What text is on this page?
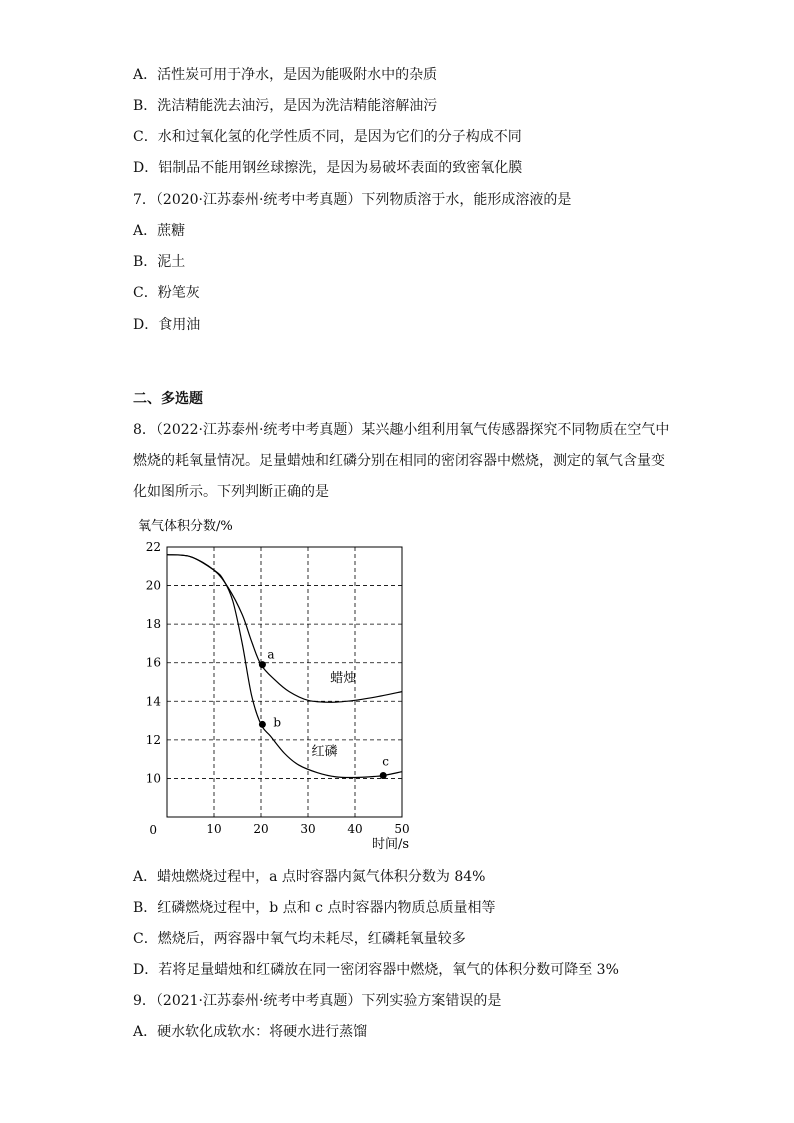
A．活性炭可用于净水，是因为能吸附水中的杂质
B．洗洁精能洗去油污，是因为洗洁精能溶解油污
C．水和过氧化氢的化学性质不同，是因为它们的分子构成不同
D．铝制品不能用钢丝球擦洗，是因为易破坏表面的致密氧化膜
7．（2020·江苏泰州·统考中考真题）下列物质溶于水，能形成溶液的是
A．蔗糖
B．泥土
C．粉笔灰
D．食用油
二、多选题
8．（2022·江苏泰州·统考中考真题）某兴趣小组利用氧气传感器探究不同物质在空气中
燃烧的耗氧量情况。足量蜡烛和红磷分别在相同的密闭容器中燃烧，测定的氧气含量变
化如图所示。下列判断正确的是
氧气体积分数/%
时间/s
0	10	20	30	40	50
10
12
14
16
18
20
22
蜡烛
红磷
a
b
c
A．蜡烛燃烧过程中，a 点时容器内氮气体积分数为 84%
B．红磷燃烧过程中，b 点和 c 点时容器内物质总质量相等
C．燃烧后，两容器中氧气均未耗尽，红磷耗氧量较多
D．若将足量蜡烛和红磷放在同一密闭容器中燃烧，氧气的体积分数可降至 3%
9．（2021·江苏泰州·统考中考真题）下列实验方案错误的是
A．硬水软化成软水：将硬水进行蒸馏
